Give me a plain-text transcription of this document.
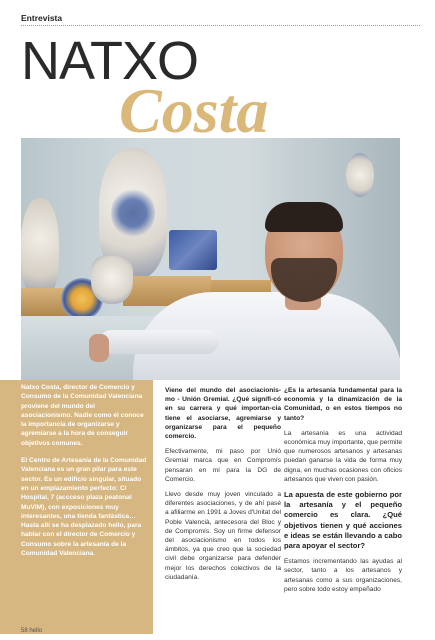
Entrevista
NATXO
Costa

Natxo Costa, director de Comercio y Consumo de la Comunidad Valenciana proviene del mundo del asociacionismo. Nadie como él conoce la importancia de organizarse y agremiarse a la hora de conseguir objetivos comunes.

El Centro de Artesanía de la Comunidad Valenciana es un gran pilar para este sector. Es un edificio singular, situado en un emplazamiento perfecto: C/ Hospital, 7 (accceso plaza peatonal MuVIM), con exposiciones muy interesantes, una tienda fantástica… Hasta allí se ha desplazado hello, para hablar con el director de Comercio y Consumo sobre la artesanía de la Comunidad Valenciana.

Viene del mundo del asociacionis-mo - Unión Gremial. ¿Qué signifi-có en su carrera y qué importan-cia tiene el asociarse, agremiarse y organizarse para el pequeño comercio.

Efectivamente, mi paso por Unió Gremial marca que en Compromís pensaran en mí para la DG de Comercio.

Llevo desde muy joven vinculado a diferentes asociaciones, y de ahí pasé a afiliarme en 1991 a Joves d'Unitat del Poble Valencià, antecesora del Bloc y de Compromís. Soy un firme defensor del asociacionismo en todos los ámbitos, ya que creo que la sociedad civil debe organizarse para defender mejor los derechos colectivos de la ciudadanía.

¿Es la artesanía fundamental para la economía y la dinamización de la Comunidad, o en estos tiempos no tanto?

La artesanía es una actividad económica muy importante, que permite que numerosos artesanos y artesanas puedan ganarse la vida de forma muy digna, en muchas ocasiones con oficios artesanos que viven con pasión.

La apuesta de este gobierno por la artesanía y el pequeño comercio es clara. ¿Qué objetivos tienen y qué acciones e ideas se están llevando a cabo para apoyar el sector?

Estamos incrementando las ayudas al sector, tanto a los artesanos y artesanas como a sus organizaciones, pero sobre todo estoy empeñado

58 hello
